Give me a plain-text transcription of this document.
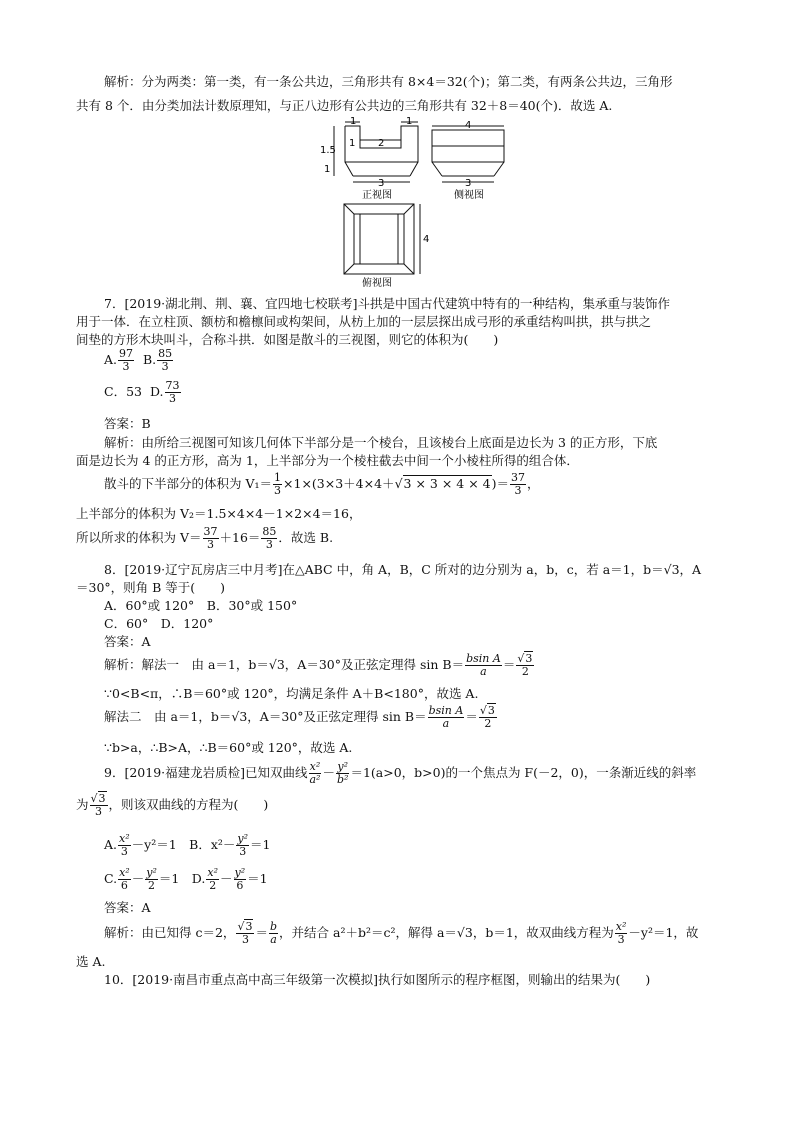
解析：分为两类：第一类，有一条公共边，三角形共有 8×4＝32(个)；第二类，有两条公共边，三角形
共有 8 个．由分类加法计数原理知，与正八边形有公共边的三角形共有 32＋8＝40(个)．故选 A.
1	1
1 2
1.5
1
3
正视图
4
3
侧视图
4
俯视图
7．[2019·湖北荆、荆、襄、宜四地七校联考]斗拱是中国古代建筑中特有的一种结构，集承重与装饰作
用于一体．在立柱顶、额枋和檐檩间或构架间，从枋上加的一层层探出成弓形的承重结构叫拱，拱与拱之
间垫的方形木块叫斗，合称斗拱．如图是散斗的三视图，则它的体积为(　　)
A. $\frac{97}{3} B$. $\frac{85}{3}$
C．53 D. $\frac{73}{3}$
答案：B
解析：由所给三视图可知该几何体下半部分是一个棱台，且该棱台上底面是边长为 3 的正方形，下底
面是边长为 4 的正方形，高为 1，上半部分为一个棱柱截去中间一个小棱柱所得的组合体．
散斗的下半部分的体积为 $V_1= \frac{1}{3} \times 1\times(3\times 3+4\times 4+√3 \times 3 \times 4 \times 4)= \frac{37}{3}$ ，
上半部分的体积为 V₂＝1.5×4×4－1×2×4＝16，
所以所求的体积为 $V= \frac{37}{3} +16= \frac{85}{3}$ ．故选 B.
8．[2019·辽宁瓦房店三中月考]在△ABC 中，角 A，B，C 所对的边分别为 a，b，c，若 a＝1，b＝√3，A
＝30°，则角 B 等于(　　)
A．60°或 120°　B．30°或 150°
C．60°　D．120°
答案：A
解析：解法一　由 a＝1，b＝√3，A＝30°及正弦定理得 $\sin B= \frac{\text{bsin A}}{a} = \frac{√3}{2}$
∵0<B<π，∴B＝60°或 120°，均满足条件 A＋B<180°，故选 A.
解法二　由 a＝1，b＝√3，A＝30°及正弦定理得 $\sin B= \frac{\text{bsin A}}{a} = \frac{√3}{2}$
∵b>a，∴B>A，∴B＝60°或 120°，故选 A.
9．[2019·福建龙岩质检]已知双曲线 $\frac{\text{x²}}{\text{a²}} - \frac{\text{y²}}{\text{b²}} =1(a>0$，b>0)的一个焦点为 F(－2，0)，一条渐近线的斜率
为 $\frac{√3}{3}$ ，则该双曲线的方程为(　　)
A. $\frac{\text{x²}}{3} -y^2=1$　B．$x^2- \frac{\text{y²}}{3} =1$
C. $\frac{\text{x²}}{6} - \frac{\text{y²}}{2} =1$　D. $\frac{\text{x²}}{2} - \frac{\text{y²}}{6} =1$
答案：A
解析：由已知得 c＝2， $\frac{√3}{3} = \frac{b}{a}$ ，并结合 a²＋b²＝c²，解得 a＝√3，b＝1，故双曲线方程为 $\frac{\text{x²}}{3} -y^2=1$，故
选 A.
10．[2019·南昌市重点高中高三年级第一次模拟]执行如图所示的程序框图，则输出的结果为(　　)
